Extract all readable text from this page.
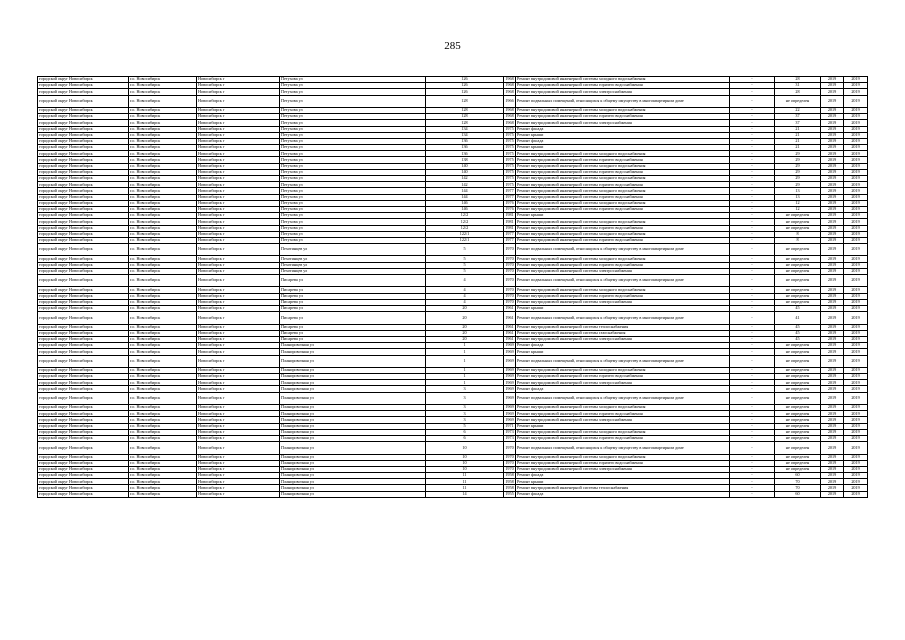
285
городской округ Новосибирск	г.о. Новосибирск	Новосибирск г	Петухова ул	126	1968	Ремонт внутридомовой инженерной системы холодного водоснабжения	-	28	2019	2019
городской округ Новосибирск	г.о. Новосибирск	Новосибирск г	Петухова ул	126	1968	Ремонт внутридомовой инженерной системы горячего водоснабжения	-	31	2019	2019
городской округ Новосибирск	г.о. Новосибирск	Новосибирск г	Петухова ул	126	1968	Ремонт внутридомовой инженерной системы электроснабжения	-	28	2019	2019
городской округ Новосибирск	г.о. Новосибирск	Новосибирск г	Петухова ул	128	1966	Ремонт подвальных помещений, относящихся к общему имуществу в многоквартирном доме	-	не определен	2019	2019
городской округ Новосибирск	г.о. Новосибирск	Новосибирск г	Петухова ул	128	1968	Ремонт внутридомовой инженерной системы холодного водоснабжения	-	22	2019	2019
городской округ Новосибирск	г.о. Новосибирск	Новосибирск г	Петухова ул	128	1968	Ремонт внутридомовой инженерной системы горячего водоснабжения	-	37	2019	2019
городской округ Новосибирск	г.о. Новосибирск	Новосибирск г	Петухова ул	128	1968	Ремонт внутридомовой инженерной системы электроснабжения	-	37	2019	2019
городской округ Новосибирск	г.о. Новосибирск	Новосибирск г	Петухова ул	134	1975	Ремонт фасада	-	21	2019	2019
городской округ Новосибирск	г.о. Новосибирск	Новосибирск г	Петухова ул	134	1975	Ремонт крыши	-	21	2019	2019
городской округ Новосибирск	г.о. Новосибирск	Новосибирск г	Петухова ул	136	1975	Ремонт фасада	-	21	2019	2019
городской округ Новосибирск	г.о. Новосибирск	Новосибирск г	Петухова ул	136	1975	Ремонт крыши	-	21	2019	2019
городской округ Новосибирск	г.о. Новосибирск	Новосибирск г	Петухова ул	136	1975	Ремонт внутридомовой инженерной системы холодного водоснабжения	-	29	2019	2019
городской округ Новосибирск	г.о. Новосибирск	Новосибирск г	Петухова ул	138	1975	Ремонт внутридомовой инженерной системы горячего водоснабжения	-	29	2019	2019
городской округ Новосибирск	г.о. Новосибирск	Новосибирск г	Петухова ул	140	1975	Ремонт внутридомовой инженерной системы холодного водоснабжения	-	29	2019	2019
городской округ Новосибирск	г.о. Новосибирск	Новосибирск г	Петухова ул	140	1975	Ремонт внутридомовой инженерной системы горячего водоснабжения	-	29	2019	2019
городской округ Новосибирск	г.о. Новосибирск	Новосибирск г	Петухова ул	142	1975	Ремонт внутридомовой инженерной системы холодного водоснабжения	-	29	2019	2019
городской округ Новосибирск	г.о. Новосибирск	Новосибирск г	Петухова ул	142	1975	Ремонт внутридомовой инженерной системы горячего водоснабжения	-	29	2019	2019
городской округ Новосибирск	г.о. Новосибирск	Новосибирск г	Петухова ул	144	1977	Ремонт внутридомовой инженерной системы холодного водоснабжения	-	13	2019	2019
городской округ Новосибирск	г.о. Новосибирск	Новосибирск г	Петухова ул	144	1977	Ремонт внутридомовой инженерной системы горячего водоснабжения	-	13	2019	2019
городской округ Новосибирск	г.о. Новосибирск	Новосибирск г	Петухова ул	146	1976	Ремонт внутридомовой инженерной системы холодного водоснабжения	-	12	2019	2019
городской округ Новосибирск	г.о. Новосибирск	Новосибирск г	Петухова ул	146	1976	Ремонт внутридомовой инженерной системы горячего водоснабжения	-	12	2019	2019
городской округ Новосибирск	г.о. Новосибирск	Новосибирск г	Петухова ул	12/2	1981	Ремонт крыши	-	не определен	2019	2019
городской округ Новосибирск	г.о. Новосибирск	Новосибирск г	Петухова ул	12/2	1981	Ремонт внутридомовой инженерной системы холодного водоснабжения	-	не определен	2019	2019
городской округ Новосибирск	г.о. Новосибирск	Новосибирск г	Петухова ул	12/2	1981	Ремонт внутридомовой инженерной системы горячего водоснабжения	-	не определен	2019	2019
городской округ Новосибирск	г.о. Новосибирск	Новосибирск г	Петухова ул	122/1	1977	Ремонт внутридомовой инженерной системы холодного водоснабжения	-	8	2019	2019
городской округ Новосибирск	г.о. Новосибирск	Новосибирск г	Петухова ул	122/1	1977	Ремонт внутридомовой инженерной системы горячего водоснабжения	-	8	2019	2019
городской округ Новосибирск	г.о. Новосибирск	Новосибирск г	Пехотинцев ул	5	1970	Ремонт подвальных помещений, относящихся к общему имуществу в многоквартирном доме	-	не определен	2019	2019
городской округ Новосибирск	г.о. Новосибирск	Новосибирск г	Пехотинцев ул	5	1970	Ремонт внутридомовой инженерной системы холодного водоснабжения	-	не определен	2019	2019
городской округ Новосибирск	г.о. Новосибирск	Новосибирск г	Пехотинцев ул	5	1970	Ремонт внутридомовой инженерной системы горячего водоснабжения	-	не определен	2019	2019
городской округ Новосибирск	г.о. Новосибирск	Новосибирск г	Пехотинцев ул	5	1970	Ремонт внутридомовой инженерной системы электроснабжения	-	не определен	2019	2019
городской округ Новосибирск	г.о. Новосибирск	Новосибирск г	Писарева ул	4	1970	Ремонт подвальных помещений, относящихся к общему имуществу в многоквартирном доме	-	не определен	2019	2019
городской округ Новосибирск	г.о. Новосибирск	Новосибирск г	Писарева ул	4	1970	Ремонт внутридомовой инженерной системы холодного водоснабжения	-	не определен	2019	2019
городской округ Новосибирск	г.о. Новосибирск	Новосибирск г	Писарева ул	4	1970	Ремонт внутридомовой инженерной системы горячего водоснабжения	-	не определен	2019	2019
городской округ Новосибирск	г.о. Новосибирск	Новосибирск г	Писарева ул	4	1970	Ремонт внутридомовой инженерной системы электроснабжения	-	не определен	2019	2019
городской округ Новосибирск	г.о. Новосибирск	Новосибирск г	Писарева ул	20	1961	Ремонт крыши	-	45	2019	2019
городской округ Новосибирск	г.о. Новосибирск	Новосибирск г	Писарева ул	20	1961	Ремонт подвальных помещений, относящихся к общему имуществу в многоквартирном доме	-	41	2019	2019
городской округ Новосибирск	г.о. Новосибирск	Новосибирск г	Писарева ул	20	1961	Ремонт внутридомовой инженерной системы теплоснабжения	-	45	2019	2019
городской округ Новосибирск	г.о. Новосибирск	Новосибирск г	Писарева ул	20	1961	Ремонт внутридомовой инженерной системы газоснабжения	-	45	2019	2019
городской округ Новосибирск	г.о. Новосибирск	Новосибирск г	Писарева ул	20	1961	Ремонт внутридомовой инженерной системы электроснабжения	-	45	2019	2019
городской округ Новосибирск	г.о. Новосибирск	Новосибирск г	Планировочная ул	1	1969	Ремонт фасада	-	не определен	2019	2019
городской округ Новосибирск	г.о. Новосибирск	Новосибирск г	Планировочная ул	1	1969	Ремонт крыши	-	не определен	2019	2019
городской округ Новосибирск	г.о. Новосибирск	Новосибирск г	Планировочная ул	1	1969	Ремонт подвальных помещений, относящихся к общему имуществу в многоквартирном доме	-	не определен	2019	2019
городской округ Новосибирск	г.о. Новосибирск	Новосибирск г	Планировочная ул	1	1969	Ремонт внутридомовой инженерной системы холодного водоснабжения	-	не определен	2019	2019
городской округ Новосибирск	г.о. Новосибирск	Новосибирск г	Планировочная ул	1	1969	Ремонт внутридомовой инженерной системы горячего водоснабжения	-	не определен	2019	2019
городской округ Новосибирск	г.о. Новосибирск	Новосибирск г	Планировочная ул	1	1969	Ремонт внутридомовой инженерной системы электроснабжения	-	не определен	2019	2019
городской округ Новосибирск	г.о. Новосибирск	Новосибирск г	Планировочная ул	3	1969	Ремонт фасада	-	не определен	2019	2019
городской округ Новосибирск	г.о. Новосибирск	Новосибирск г	Планировочная ул	3	1969	Ремонт подвальных помещений, относящихся к общему имуществу в многоквартирном доме	-	не определен	2019	2019
городской округ Новосибирск	г.о. Новосибирск	Новосибирск г	Планировочная ул	3	1969	Ремонт внутридомовой инженерной системы холодного водоснабжения	-	не определен	2019	2019
городской округ Новосибирск	г.о. Новосибирск	Новосибирск г	Планировочная ул	3	1969	Ремонт внутридомовой инженерной системы горячего водоснабжения	-	не определен	2019	2019
городской округ Новосибирск	г.о. Новосибирск	Новосибирск г	Планировочная ул	3	1969	Ремонт внутридомовой инженерной системы электроснабжения	-	не определен	2019	2019
городской округ Новосибирск	г.о. Новосибирск	Новосибирск г	Планировочная ул	5	1971	Ремонт крыши	-	не определен	2019	2019
городской округ Новосибирск	г.о. Новосибирск	Новосибирск г	Планировочная ул	6	1973	Ремонт внутридомовой инженерной системы холодного водоснабжения	-	не определен	2019	2019
городской округ Новосибирск	г.о. Новосибирск	Новосибирск г	Планировочная ул	6	1973	Ремонт внутридомовой инженерной системы горячего водоснабжения	-	не определен	2019	2019
городской округ Новосибирск	г.о. Новосибирск	Новосибирск г	Планировочная ул	10	1970	Ремонт подвальных помещений, относящихся к общему имуществу в многоквартирном доме	-	не определен	2019	2019
городской округ Новосибирск	г.о. Новосибирск	Новосибирск г	Планировочная ул	10	1970	Ремонт внутридомовой инженерной системы холодного водоснабжения	-	не определен	2019	2019
городской округ Новосибирск	г.о. Новосибирск	Новосибирск г	Планировочная ул	10	1970	Ремонт внутридомовой инженерной системы горячего водоснабжения	-	не определен	2019	2019
городской округ Новосибирск	г.о. Новосибирск	Новосибирск г	Планировочная ул	10	1970	Ремонт внутридомовой инженерной системы электроснабжения	-	не определен	2019	2019
городской округ Новосибирск	г.о. Новосибирск	Новосибирск г	Планировочная ул	11	1958	Ремонт фасада	-	60	2019	2019
городской округ Новосибирск	г.о. Новосибирск	Новосибирск г	Планировочная ул	11	1958	Ремонт крыши	-	70	2019	2019
городской округ Новосибирск	г.о. Новосибирск	Новосибирск г	Планировочная ул	11	1958	Ремонт внутридомовой инженерной системы теплоснабжения	-	70	2019	2019
городской округ Новосибирск	г.о. Новосибирск	Новосибирск г	Планировочная ул	14	1955	Ремонт фасада	-	60	2019	2019
